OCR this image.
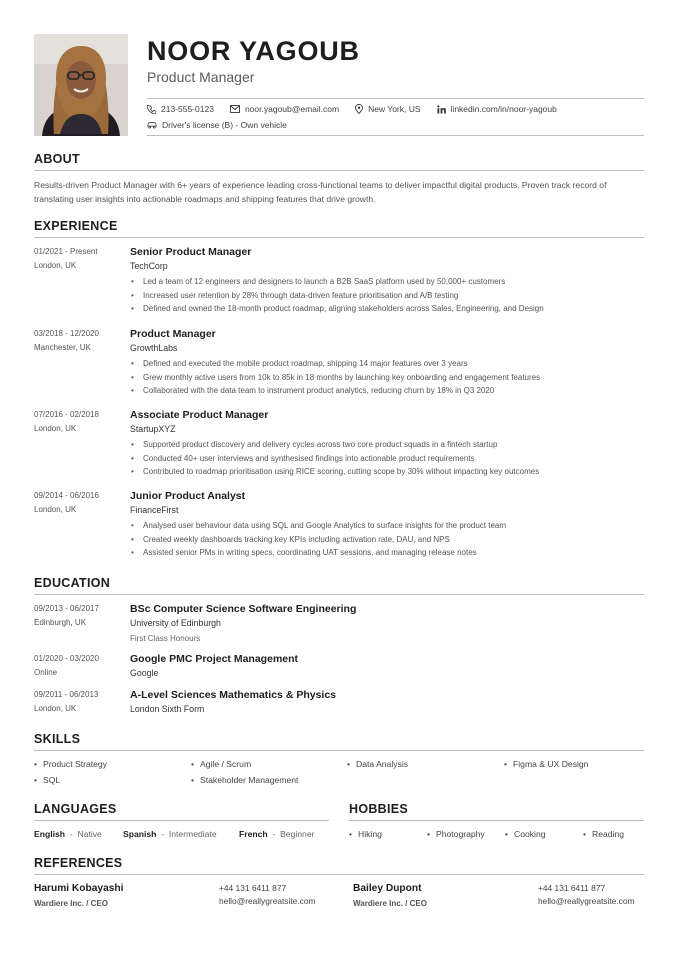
NOOR YAGOUB
Product Manager
213-555-0123	noor.yagoub@email.com	New York, US	linkedin.com/in/noor-yagoub
Driver's license (B) - Own vehicle
ABOUT
Results-driven Product Manager with 6+ years of experience leading cross-functional teams to deliver impactful digital products. Proven track record of translating user insights into actionable roadmaps and shipping features that drive growth.
EXPERIENCE
01/2021 - Present
London, UK
Senior Product Manager
TechCorp
• Led a team of 12 engineers and designers to launch a B2B SaaS platform used by 50,000+ customers
• Increased user retention by 28% through data-driven feature prioritisation and A/B testing
• Defined and owned the 18-month product roadmap, aligning stakeholders across Sales, Engineering, and Design
03/2018 - 12/2020
Manchester, UK
Product Manager
GrowthLabs
• Defined and executed the mobile product roadmap, shipping 14 major features over 3 years
• Grew monthly active users from 10k to 85k in 18 months by launching key onboarding and engagement features
• Collaborated with the data team to instrument product analytics, reducing churn by 18% in Q3 2020
07/2016 - 02/2018
London, UK
Associate Product Manager
StartupXYZ
• Supported product discovery and delivery cycles across two core product squads in a fintech startup
• Conducted 40+ user interviews and synthesised findings into actionable product requirements
• Contributed to roadmap prioritisation using RICE scoring, cutting scope by 30% without impacting key outcomes
09/2014 - 06/2016
London, UK
Junior Product Analyst
FinanceFirst
• Analysed user behaviour data using SQL and Google Analytics to surface insights for the product team
• Created weekly dashboards tracking key KPIs including activation rate, DAU, and NPS
• Assisted senior PMs in writing specs, coordinating UAT sessions, and managing release notes
EDUCATION
09/2013 - 06/2017
Edinburgh, UK
BSc Computer Science Software Engineering
University of Edinburgh
First Class Honours
01/2020 - 03/2020
Online
Google PMC Project Management
Google
09/2011 - 06/2013
London, UK
A-Level Sciences Mathematics & Physics
London Sixth Form
SKILLS
• Product Strategy	• Agile / Scrum	• Data Analysis	• Figma & UX Design
• SQL	• Stakeholder Management
LANGUAGES
English  -  Native Spanish  -  Intermediate	French  -  Beginner
HOBBIES
• Hiking	• Photography	• Cooking	• Reading
REFERENCES
Harumi Kobayashi
Wardiere Inc. / CEO
+44 131 6411 877
hello@reallygreatsite.com
Bailey Dupont
Wardiere Inc. / CEO
+44 131 6411 877
hello@reallygreatsite.com
